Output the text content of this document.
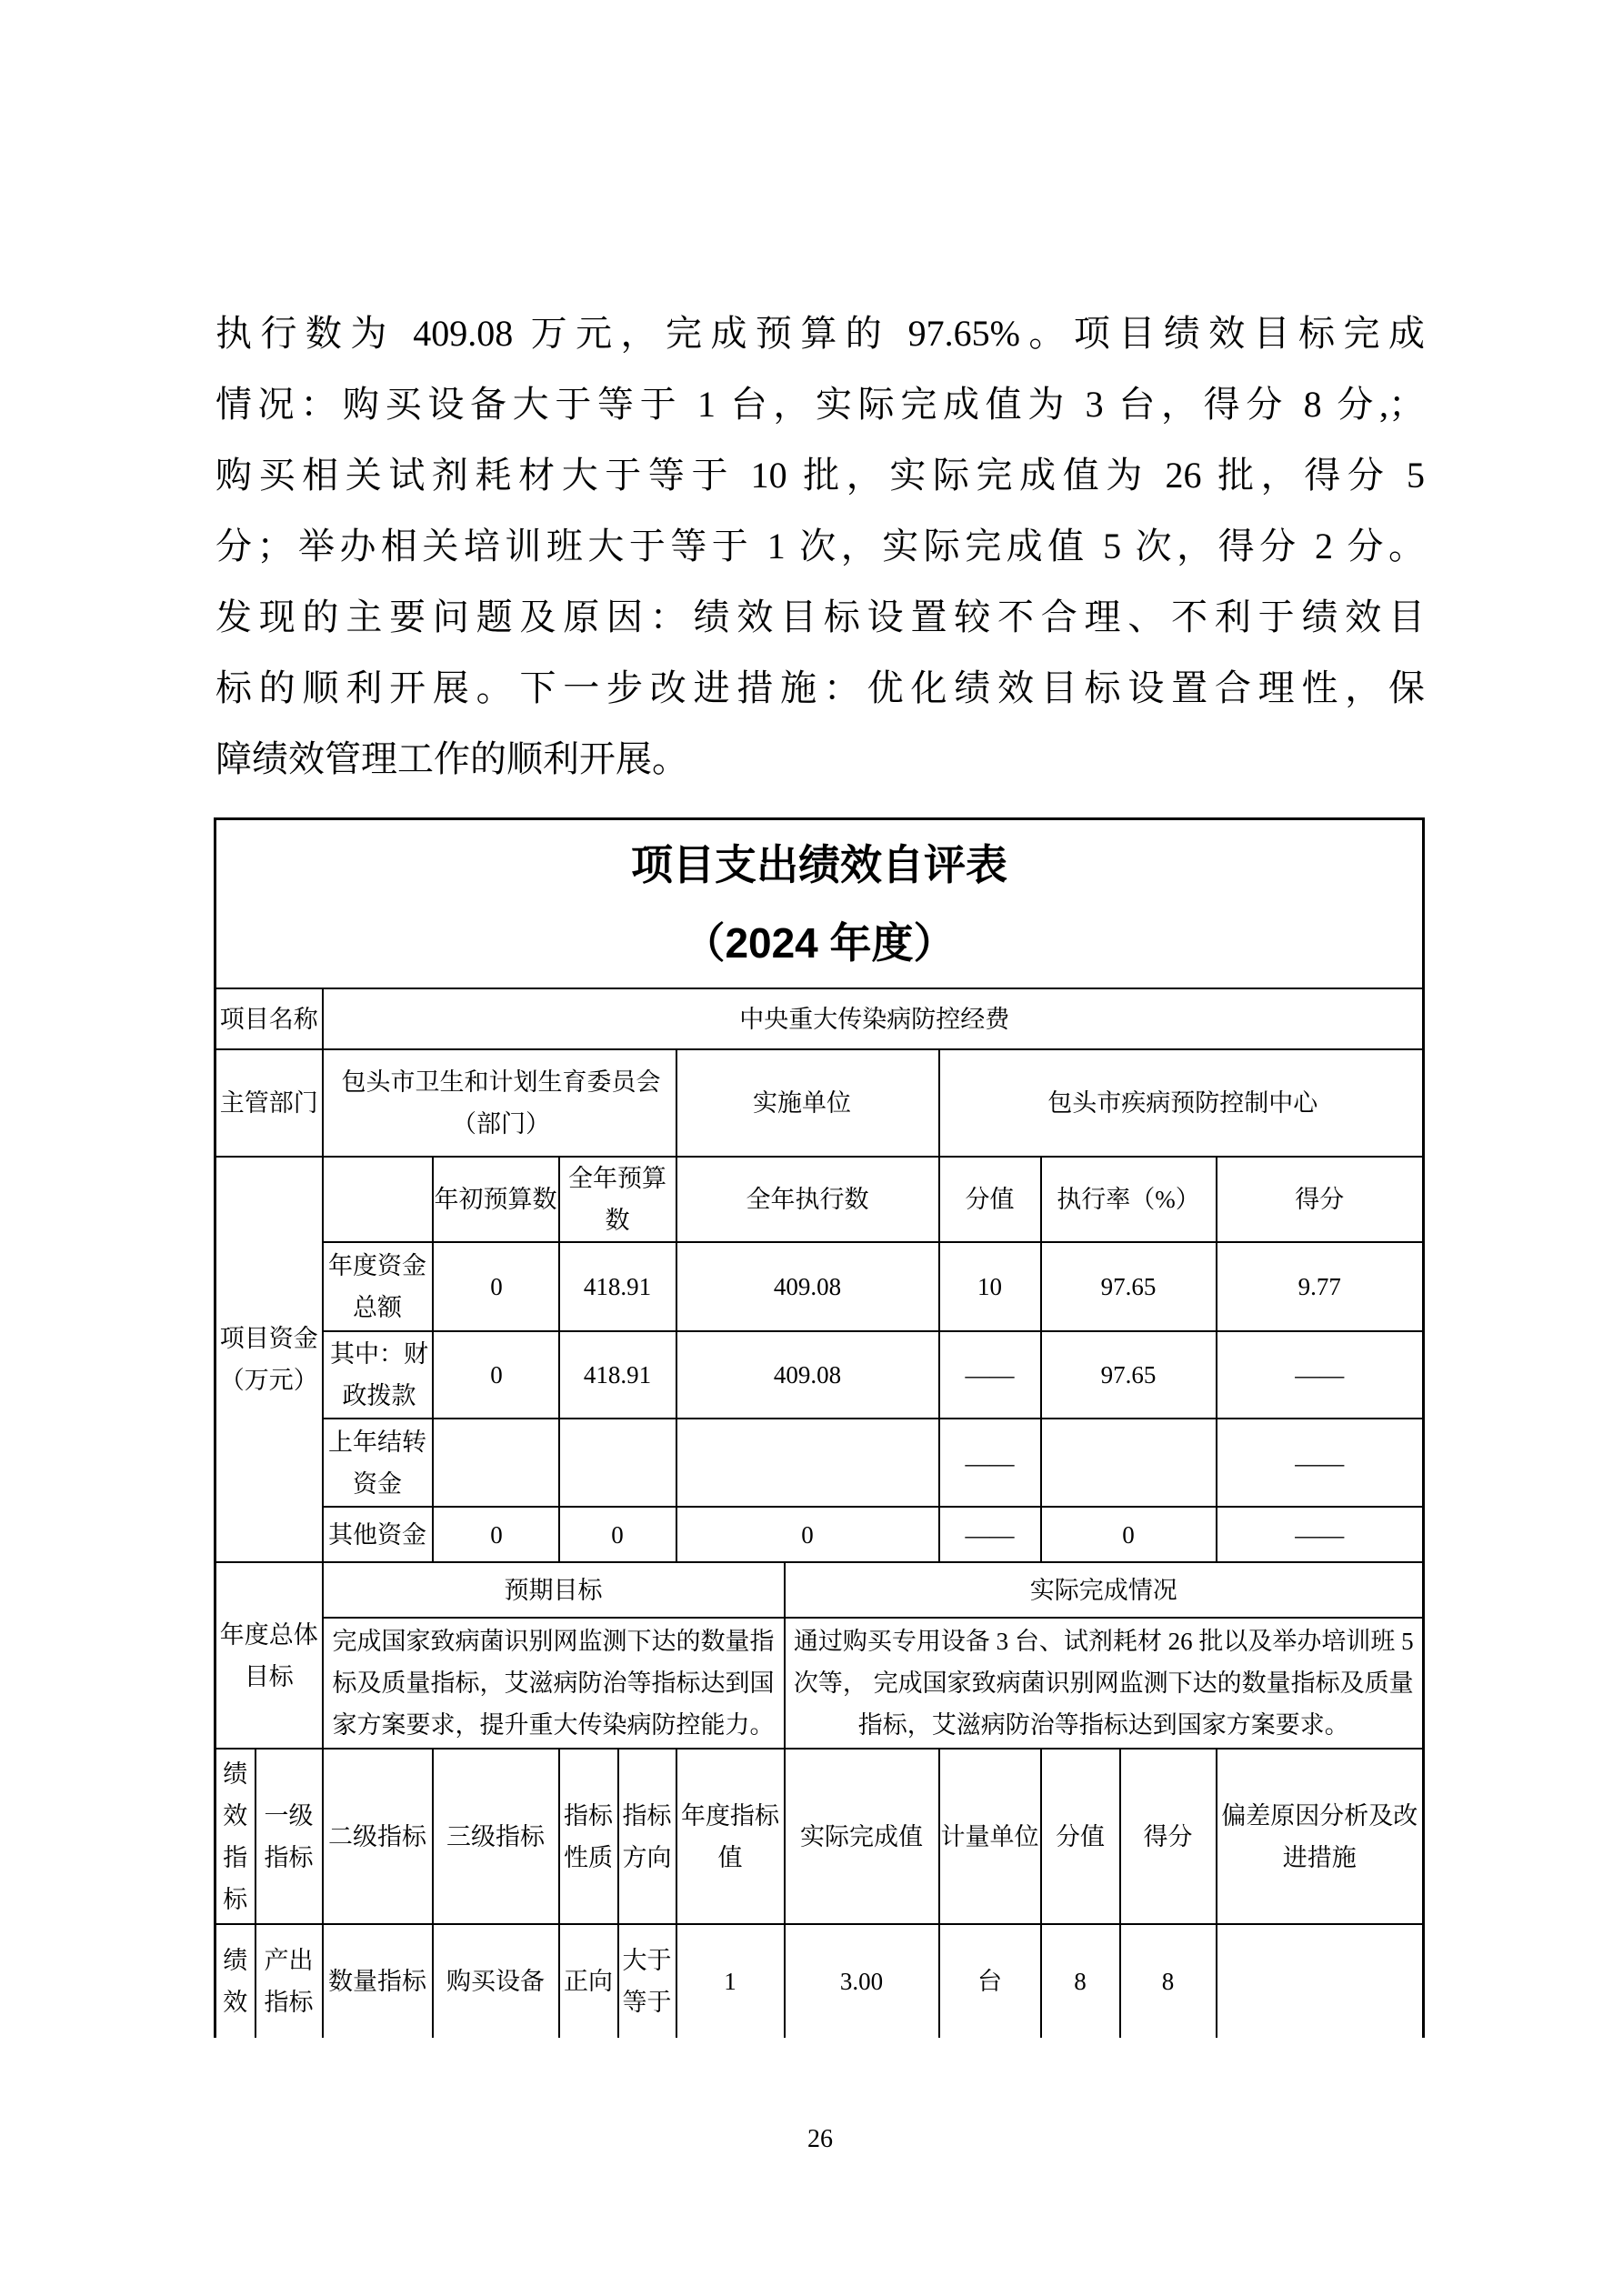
执行数为 409.08 万元，完成预算的 97.65%。项目绩效目标完成
情况：购买设备大于等于 1 台，实际完成值为 3 台，得分 8 分,；
购买相关试剂耗材大于等于 10 批，实际完成值为 26 批，得分 5
分；举办相关培训班大于等于 1 次，实际完成值 5 次，得分 2 分。
发现的主要问题及原因：绩效目标设置较不合理、不利于绩效目
标的顺利开展。下一步改进措施：优化绩效目标设置合理性，保
障绩效管理工作的顺利开展。
项目支出绩效自评表
（2024 年度）											

项目名称		中央重大传染病防控经费									
主管部门		包头市卫生和计划生育委员会（部门）				实施单位		包头市疾病预防控制中心			
项目资金（万元）			年初预算数	全年预算数		全年执行数		分值	执行率（%）		得分
		年度资金总额	0	418.91		409.08		10	97.65		9.77
		其中：财政拨款	0	418.91		409.08		——	97.65		——
		上年结转资金						——			——
		其他资金	0	0		0		——	0		——
年度总体目标		预期目标					实际完成情况				
		完成国家致病菌识别网监测下达的数量指标及质量指标，艾滋病防治等指标达到国家方案要求，提升重大传染病防控能力。					通过购买专用设备 3 台、试剂耗材 26 批以及举办培训班 5 次等， 完成国家致病菌识别网监测下达的数量指标及质量指标，艾滋病防治等指标达到国家方案要求。				
绩效指标	一级指标	二级指标	三级指标	指标性质	指标方向	年度指标值	实际完成值	计量单位	分值	得分	偏差原因分析及改进措施
绩效	产出指标	数量指标	购买设备	正向	大于等于	1	3.00	台	8	8	
26
